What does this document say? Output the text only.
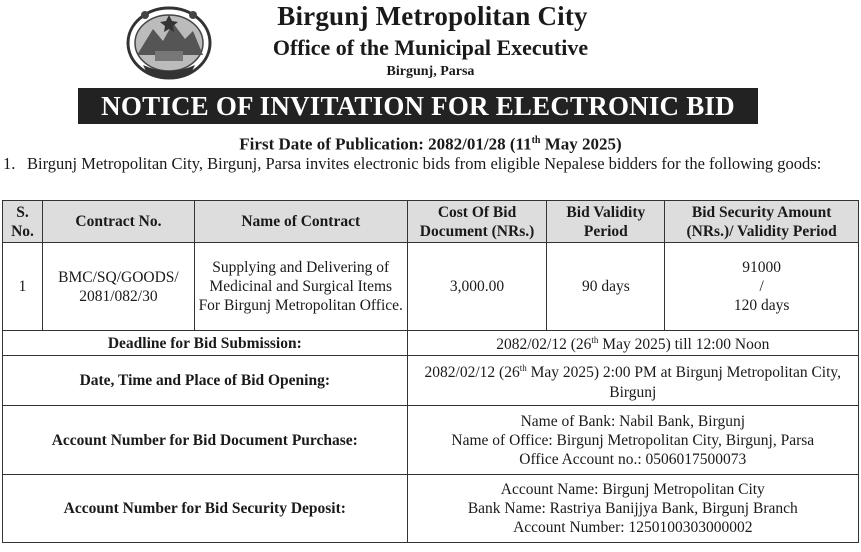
Birgunj Metropolitan City
Office of the Municipal Executive
Birgunj, Parsa
NOTICE OF INVITATION FOR ELECTRONIC BID
First Date of Publication: 2082/01/28 (11th May 2025)
1. Birgunj Metropolitan City, Birgunj, Parsa invites electronic bids from eligible Nepalese bidders for the following goods:
S. No.	Contract No.	Name of Contract	Cost Of Bid Document (NRs.)	Bid Validity Period	Bid Security Amount (NRs.)/ Validity Period
1	BMC/SQ/GOODS/ 2081/082/30	Supplying and Delivering of Medicinal and Surgical Items For Birgunj Metropolitan Office.	3,000.00	90 days	91000
/
120 days

Deadline for Bid Submission:			2082/02/12 (26th May 2025) till 12:00 Noon		
Date, Time and Place of Bid Opening:			2082/02/12 (26th May 2025) 2:00 PM at Birgunj Metropolitan City, Birgunj		
Account Number for Bid Document Purchase:			Name of Bank: Nabil Bank, Birgunj
Name of Office: Birgunj Metropolitan City, Birgunj, Parsa
Office Account no.: 0506017500073		

Account Number for Bid Security Deposit:			Account Name: Birgunj Metropolitan City
Bank Name: Rastriya Banijjya Bank, Birgunj Branch
Account Number: 1250100303000002		
